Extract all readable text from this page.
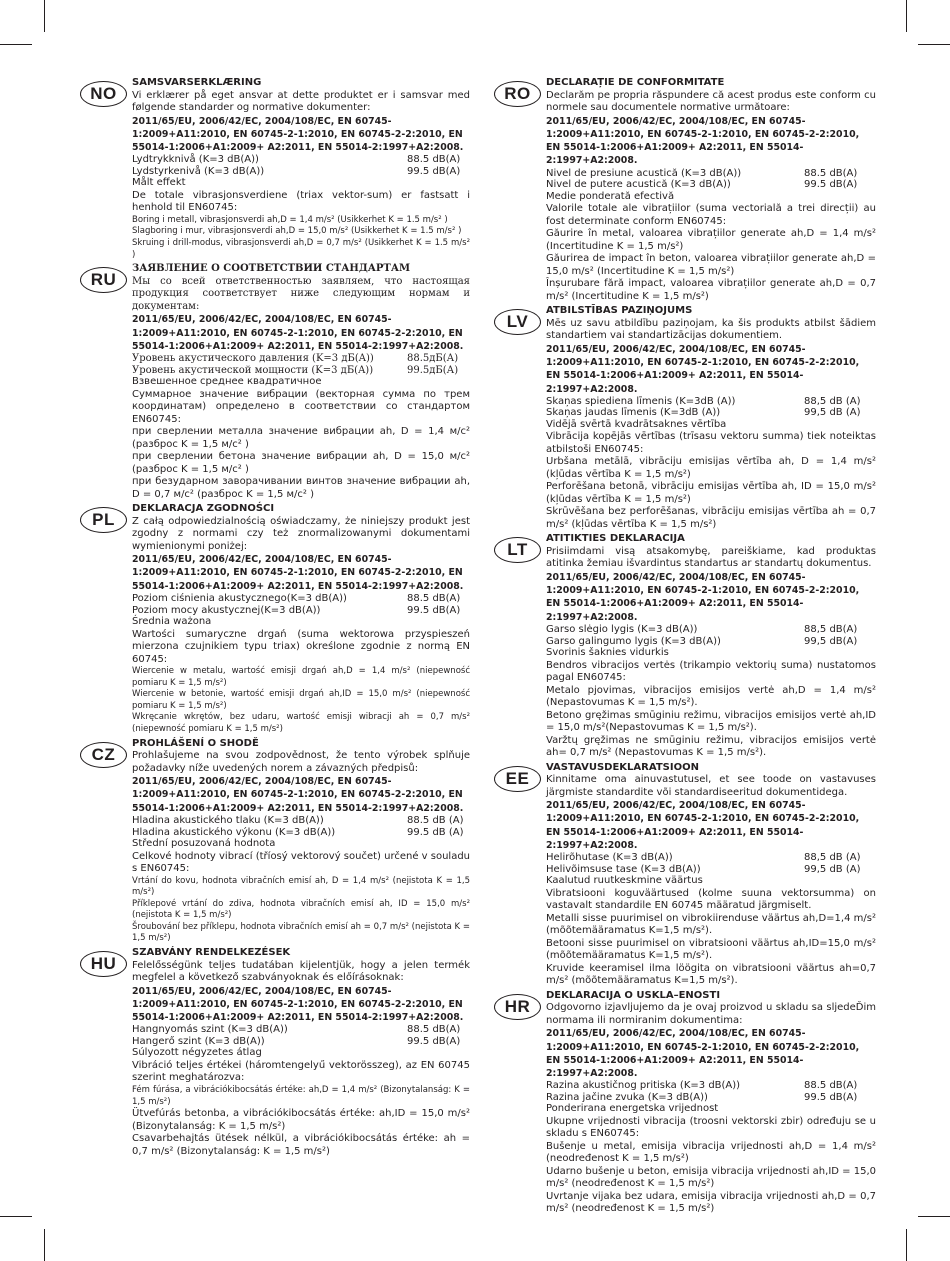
NO

SAMSVARSERKLÆRING

Vi erklærer på eget ansvar at dette produktet er i samsvar med følgende standarder og normative dokumenter:

2011/65/EU, 2006/42/EC, 2004/108/EC, EN 60745-1:2009+A11:2010, EN 60745-2-1:2010, EN 60745-2-2:2010, EN 55014-1:2006+A1:2009+ A2:2011, EN 55014-2:1997+A2:2008.

Lydtrykknivå (K=3 dB(A))	88.5 dB(A)
Lydstyrkenivå (K=3 dB(A))	99.5 dB(A)

Målt effekt

De totale vibrasjonsverdiene (triax vektor-sum) er fastsatt i henhold til EN60745:

Boring i metall, vibrasjonsverdi ah,D = 1,4 m/s² (Usikkerhet K = 1.5 m/s² )

Slagboring i mur, vibrasjonsverdi ah,D = 15,0 m/s² (Usikkerhet K = 1.5 m/s² )

Skruing i drill-modus, vibrasjonsverdi ah,D = 0,7 m/s² (Usikkerhet K = 1.5 m/s² )

RU

ЗАЯВЛЕНИЕ О СООТВЕТСТВИИ СТАНДАРТАМ

Мы со всей ответственностью заявляем, что настоящая продукция соответствует ниже следующим нормам и документам:

2011/65/EU, 2006/42/EC, 2004/108/EC, EN 60745-1:2009+A11:2010, EN 60745-2-1:2010, EN 60745-2-2:2010, EN 55014-1:2006+A1:2009+ A2:2011, EN 55014-2:1997+A2:2008.

Уровень акустического давления (K=3 дБ(A))	88.5дБ(А)
Уровень акустической мощности (K=3 дБ(A))	99.5дБ(А)

Взвешенное среднее квадратичное

Суммарное значение вибрации (векторная сумма по трем координатам) определено в соответствии со стандартом EN60745:

при сверлении металла значение вибрации ah, D = 1,4 м/c² (разброс K = 1,5 м/c² )

при сверлении бетона значение вибрации ah, D = 15,0 м/c² (разброс K = 1,5 м/c² )

при безударном заворачивании винтов значение вибрации ah, D = 0,7 м/c² (разброс K = 1,5 м/c² )

PL

DEKLARACJA ZGODNOŚCI

Z całą odpowiedzialnością oświadczamy, że niniejszy produkt jest zgodny z normami czy też znormalizowanymi dokumentami wymienionymi poniżej:

2011/65/EU, 2006/42/EC, 2004/108/EC, EN 60745-1:2009+A11:2010, EN 60745-2-1:2010, EN 60745-2-2:2010, EN 55014-1:2006+A1:2009+ A2:2011, EN 55014-2:1997+A2:2008.

Poziom ciśnienia akustycznego(K=3 dB(A))	88.5 dB(A)
Poziom mocy akustycznej(K=3 dB(A))	99.5 dB(A)

Średnia ważona

Wartości sumaryczne drgań (suma wektorowa przyspieszeń mierzona czujnikiem typu triax) określone zgodnie z normą EN 60745:

Wiercenie w metalu, wartość emisji drgań ah,D = 1,4 m/s² (niepewność pomiaru K = 1,5 m/s²)

Wiercenie w betonie, wartość emisji drgań ah,ID = 15,0 m/s² (niepewność pomiaru K = 1,5 m/s²)

Wkręcanie wkrętów, bez udaru, wartość emisji wibracji ah = 0,7 m/s² (niepewność pomiaru K = 1,5 m/s²)

CZ

PROHLÁŠENÍ O SHODĚ

Prohlašujeme na svou zodpovědnost, že tento výrobek splňuje požadavky níže uvedených norem a závazných předpisů:

2011/65/EU, 2006/42/EC, 2004/108/EC, EN 60745-1:2009+A11:2010, EN 60745-2-1:2010, EN 60745-2-2:2010, EN 55014-1:2006+A1:2009+ A2:2011, EN 55014-2:1997+A2:2008.

Hladina akustického tlaku (K=3 dB(A))	88.5 dB (A)
Hladina akustického výkonu (K=3 dB(A))	99.5 dB (A)

Střední posuzovaná hodnota

Celkové hodnoty vibrací (tříosý vektorový součet) určené v souladu s EN60745:

Vrtání do kovu, hodnota vibračních emisí ah, D = 1,4 m/s² (nejistota K = 1,5 m/s²)

Příklepové vrtání do zdiva, hodnota vibračních emisí ah, ID = 15,0 m/s² (nejistota K = 1,5 m/s²)

Šroubování bez příklepu, hodnota vibračních emisí ah = 0,7 m/s² (nejistota K = 1,5 m/s²)

HU

SZABVÁNY RENDELKEZÉSEK

Felelősségünk teljes tudatában kijelentjük, hogy a jelen termék megfelel a következő szabványoknak és előírásoknak:

2011/65/EU, 2006/42/EC, 2004/108/EC, EN 60745-1:2009+A11:2010, EN 60745-2-1:2010, EN 60745-2-2:2010, EN 55014-1:2006+A1:2009+ A2:2011, EN 55014-2:1997+A2:2008.

Hangnyomás szint (K=3 dB(A))	88.5 dB(A)
Hangerő szint (K=3 dB(A))	99.5 dB(A)

Súlyozott négyzetes átlag

Vibráció teljes értékei (háromtengelyű vektorösszeg), az EN 60745 szerint meghatározva:

Fém fúrása, a vibrációkibocsátás értéke: ah,D = 1,4 m/s² (Bizonytalanság: K = 1,5 m/s²)

Ütvefúrás betonba, a vibrációkibocsátás értéke: ah,ID = 15,0 m/s² (Bizonytalanság: K = 1,5 m/s²)

Csavarbehajtás ütések nélkül, a vibrációkibocsátás értéke: ah = 0,7 m/s² (Bizonytalanság: K = 1,5 m/s²)

RO

DECLARAȚIE DE CONFORMITATE

Declarăm pe propria răspundere că acest produs este conform cu normele sau documentele normative următoare:

2011/65/EU, 2006/42/EC, 2004/108/EC, EN 60745-1:2009+A11:2010, EN 60745-2-1:2010, EN 60745-2-2:2010, EN 55014-1:2006+A1:2009+ A2:2011, EN 55014-2:1997+A2:2008.

Nivel de presiune acustică (K=3 dB(A))	88.5 dB(A)
Nivel de putere acustică (K=3 dB(A))	99.5 dB(A)

Medie ponderată efectivă

Valorile totale ale vibrațiilor (suma vectorială a trei direcții) au fost determinate conform EN60745:

Găurire în metal, valoarea vibrațiilor generate ah,D = 1,4 m/s² (Incertitudine K = 1,5 m/s²)

Găurirea de impact în beton, valoarea vibrațiilor generate ah,D = 15,0 m/s² (Incertitudine K = 1,5 m/s²)

Înșurubare fără impact, valoarea vibrațiilor generate ah,D = 0,7 m/s² (Incertitudine K = 1,5 m/s²)

LV

ATBILSTĪBAS PAZIŅOJUMS

Mēs uz savu atbildību paziņojam, ka šis produkts atbilst šādiem standartiem vai standartizācijas dokumentiem.

2011/65/EU, 2006/42/EC, 2004/108/EC, EN 60745-1:2009+A11:2010, EN 60745-2-1:2010, EN 60745-2-2:2010, EN 55014-1:2006+A1:2009+ A2:2011, EN 55014-2:1997+A2:2008.

Skaņas spiediena līmenis (K=3dB (A))	88,5 dB (A)
Skaņas jaudas līmenis (K=3dB (A))	99,5 dB (A)

Vidējā svērtā kvadrātsaknes vērtība

Vibrācija kopējās vērtības (trīsasu vektoru summa) tiek noteiktas atbilstoši EN60745:

Urbšana metālā, vibrāciju emisijas vērtība ah, D = 1,4 m/s² (kļūdas vērtība K = 1,5 m/s²)

Perforēšana betonā, vibrāciju emisijas vērtība ah, ID = 15,0 m/s² (kļūdas vērtība K = 1,5 m/s²)

Skrūvēšana bez perforēšanas, vibrāciju emisijas vērtība ah = 0,7 m/s² (kļūdas vērtība K = 1,5 m/s²)

LT

ATITIKTIES DEKLARACIJA

Prisiimdami visą atsakomybę, pareiškiame, kad produktas atitinka žemiau išvardintus standartus ar standartų dokumentus.

2011/65/EU, 2006/42/EC, 2004/108/EC, EN 60745-1:2009+A11:2010, EN 60745-2-1:2010, EN 60745-2-2:2010, EN 55014-1:2006+A1:2009+ A2:2011, EN 55014-2:1997+A2:2008.

Garso slėgio lygis (K=3 dB(A))	88,5 dB(A)
Garso galingumo lygis (K=3 dB(A))	99,5 dB(A)

Svorinis šaknies vidurkis

Bendros vibracijos vertės (trikampio vektorių suma) nustatomos pagal EN60745:

Metalo pjovimas, vibracijos emisijos vertė ah,D = 1,4 m/s² (Nepastovumas K = 1,5 m/s²).

Betono gręžimas smūginiu režimu, vibracijos emisijos vertė ah,ID = 15,0 m/s²(Nepastovumas K = 1,5 m/s²).

Varžtų gręžimas ne smūginiu režimu, vibracijos emisijos vertė ah= 0,7 m/s² (Nepastovumas K = 1,5 m/s²).

EE

VASTAVUSDEKLARATSIOON

Kinnitame oma ainuvastutusel, et see toode on vastavuses järgmiste standardite või standardiseeritud dokumentidega.

2011/65/EU, 2006/42/EC, 2004/108/EC, EN 60745-1:2009+A11:2010, EN 60745-2-1:2010, EN 60745-2-2:2010, EN 55014-1:2006+A1:2009+ A2:2011, EN 55014-2:1997+A2:2008.

Helirõhutase (K=3 dB(A))	88,5 dB (A)
Helivõimsuse tase (K=3 dB(A))	99,5 dB (A)

Kaalutud ruutkeskmine väärtus

Vibratsiooni koguväärtused (kolme suuna vektorsumma) on vastavalt standardile EN 60745 määratud järgmiselt.

Metalli sisse puurimisel on vibrokiirenduse väärtus ah,D=1,4 m/s² (mõõtemääramatus K=1,5 m/s²).

Betooni sisse puurimisel on vibratsiooni väärtus ah,ID=15,0 m/s² (mõõtemääramatus K=1,5 m/s²).

Kruvide keeramisel ilma löögita on vibratsiooni väärtus ah=0,7 m/s² (mõõtemääramatus K=1,5 m/s²).

HR

DEKLARACIJA O USKLA–ENOSTI

Odgovorno izjavljujemo da je ovaj proizvod u skladu sa sljedeĎim normama ili normiranim dokumentima:

2011/65/EU, 2006/42/EC, 2004/108/EC, EN 60745-1:2009+A11:2010, EN 60745-2-1:2010, EN 60745-2-2:2010, EN 55014-1:2006+A1:2009+ A2:2011, EN 55014-2:1997+A2:2008.

Razina akustičnog pritiska (K=3 dB(A))	88.5 dB(A)
Razina jačine zvuka (K=3 dB(A))	99.5 dB(A)

Ponderirana energetska vrijednost

Ukupne vrijednosti vibracija (troosni vektorski zbir) određuju se u skladu s EN60745:

Bušenje u metal, emisija vibracija vrijednosti ah,D = 1,4 m/s² (neodređenost K = 1,5 m/s²)

Udarno bušenje u beton, emisija vibracija vrijednosti ah,ID = 15,0 m/s² (neodređenost K = 1,5 m/s²)

Uvrtanje vijaka bez udara, emisija vibracija vrijednosti ah,D = 0,7 m/s² (neodređenost K = 1,5 m/s²)
